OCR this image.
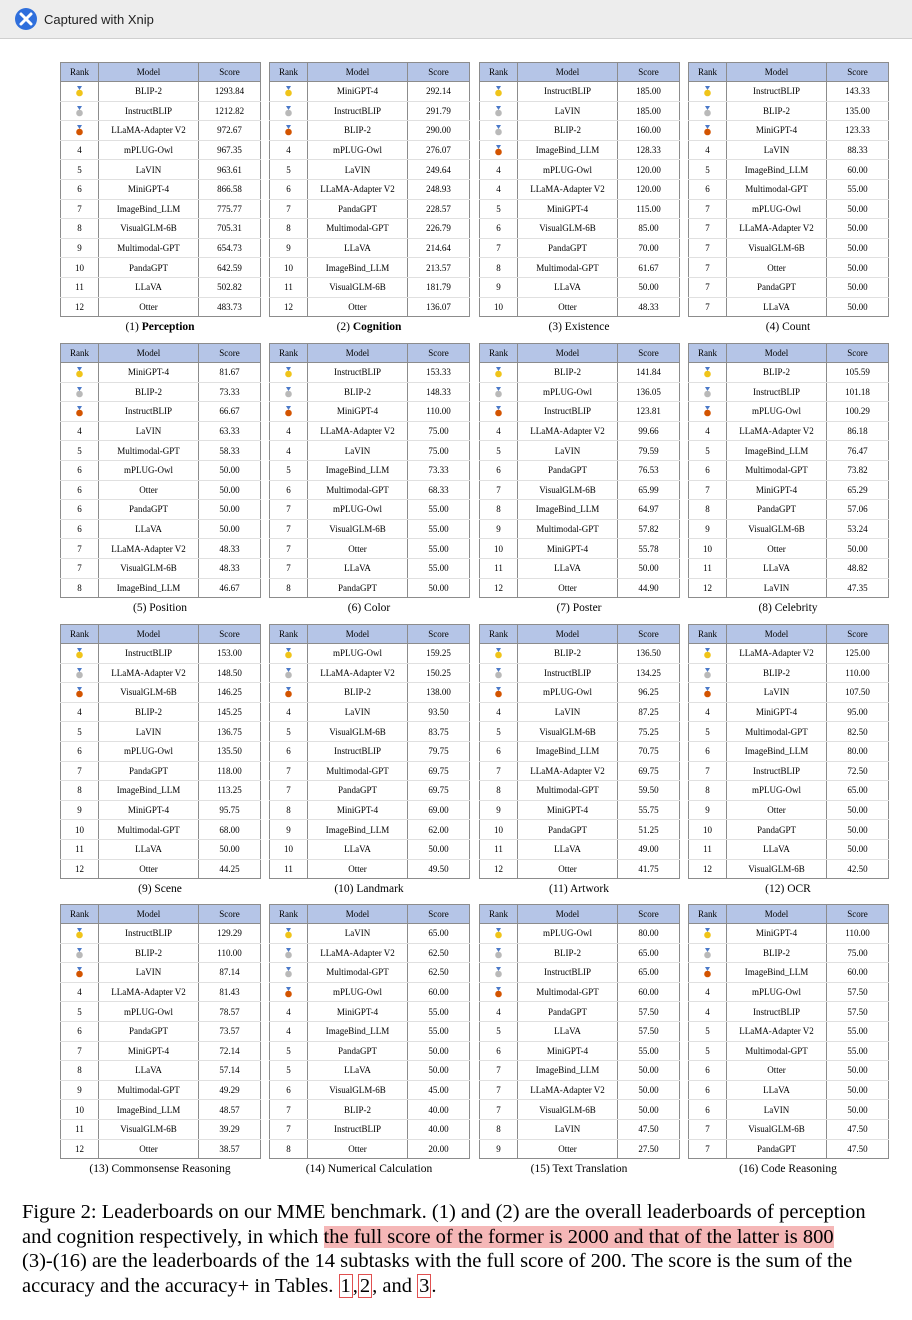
Captured with Xnip
Rank	Model	Score
	BLIP-2	1293.84
	InstructBLIP	1212.82
	LLaMA-Adapter V2	972.67
4	mPLUG-Owl	967.35
5	LaVIN	963.61
6	MiniGPT-4	866.58
7	ImageBind_LLM	775.77
8	VisualGLM-6B	705.31
9	Multimodal-GPT	654.73
10	PandaGPT	642.59
11	LLaVA	502.82
12	Otter	483.73
(1) Perception
Rank	Model	Score
	MiniGPT-4	292.14
	InstructBLIP	291.79
	BLIP-2	290.00
4	mPLUG-Owl	276.07
5	LaVIN	249.64
6	LLaMA-Adapter V2	248.93
7	PandaGPT	228.57
8	Multimodal-GPT	226.79
9	LLaVA	214.64
10	ImageBind_LLM	213.57
11	VisualGLM-6B	181.79
12	Otter	136.07
(2) Cognition
Rank	Model	Score
	InstructBLIP	185.00
	LaVIN	185.00
	BLIP-2	160.00
	ImageBind_LLM	128.33
4	mPLUG-Owl	120.00
4	LLaMA-Adapter V2	120.00
5	MiniGPT-4	115.00
6	VisualGLM-6B	85.00
7	PandaGPT	70.00
8	Multimodal-GPT	61.67
9	LLaVA	50.00
10	Otter	48.33
(3) Existence
Rank	Model	Score
	InstructBLIP	143.33
	BLIP-2	135.00
	MiniGPT-4	123.33
4	LaVIN	88.33
5	ImageBind_LLM	60.00
6	Multimodal-GPT	55.00
7	mPLUG-Owl	50.00
7	LLaMA-Adapter V2	50.00
7	VisualGLM-6B	50.00
7	Otter	50.00
7	PandaGPT	50.00
7	LLaVA	50.00
(4) Count
Rank	Model	Score
	MiniGPT-4	81.67
	BLIP-2	73.33
	InstructBLIP	66.67
4	LaVIN	63.33
5	Multimodal-GPT	58.33
6	mPLUG-Owl	50.00
6	Otter	50.00
6	PandaGPT	50.00
6	LLaVA	50.00
7	LLaMA-Adapter V2	48.33
7	VisualGLM-6B	48.33
8	ImageBind_LLM	46.67
(5) Position
Rank	Model	Score
	InstructBLIP	153.33
	BLIP-2	148.33
	MiniGPT-4	110.00
4	LLaMA-Adapter V2	75.00
4	LaVIN	75.00
5	ImageBind_LLM	73.33
6	Multimodal-GPT	68.33
7	mPLUG-Owl	55.00
7	VisualGLM-6B	55.00
7	Otter	55.00
7	LLaVA	55.00
8	PandaGPT	50.00
(6) Color
Rank	Model	Score
	BLIP-2	141.84
	mPLUG-Owl	136.05
	InstructBLIP	123.81
4	LLaMA-Adapter V2	99.66
5	LaVIN	79.59
6	PandaGPT	76.53
7	VisualGLM-6B	65.99
8	ImageBind_LLM	64.97
9	Multimodal-GPT	57.82
10	MiniGPT-4	55.78
11	LLaVA	50.00
12	Otter	44.90
(7) Poster
Rank	Model	Score
	BLIP-2	105.59
	InstructBLIP	101.18
	mPLUG-Owl	100.29
4	LLaMA-Adapter V2	86.18
5	ImageBind_LLM	76.47
6	Multimodal-GPT	73.82
7	MiniGPT-4	65.29
8	PandaGPT	57.06
9	VisualGLM-6B	53.24
10	Otter	50.00
11	LLaVA	48.82
12	LaVIN	47.35
(8) Celebrity
Rank	Model	Score
	InstructBLIP	153.00
	LLaMA-Adapter V2	148.50
	VisualGLM-6B	146.25
4	BLIP-2	145.25
5	LaVIN	136.75
6	mPLUG-Owl	135.50
7	PandaGPT	118.00
8	ImageBind_LLM	113.25
9	MiniGPT-4	95.75
10	Multimodal-GPT	68.00
11	LLaVA	50.00
12	Otter	44.25
(9) Scene
Rank	Model	Score
	mPLUG-Owl	159.25
	LLaMA-Adapter V2	150.25
	BLIP-2	138.00
4	LaVIN	93.50
5	VisualGLM-6B	83.75
6	InstructBLIP	79.75
7	Multimodal-GPT	69.75
7	PandaGPT	69.75
8	MiniGPT-4	69.00
9	ImageBind_LLM	62.00
10	LLaVA	50.00
11	Otter	49.50
(10) Landmark
Rank	Model	Score
	BLIP-2	136.50
	InstructBLIP	134.25
	mPLUG-Owl	96.25
4	LaVIN	87.25
5	VisualGLM-6B	75.25
6	ImageBind_LLM	70.75
7	LLaMA-Adapter V2	69.75
8	Multimodal-GPT	59.50
9	MiniGPT-4	55.75
10	PandaGPT	51.25
11	LLaVA	49.00
12	Otter	41.75
(11) Artwork
Rank	Model	Score
	LLaMA-Adapter V2	125.00
	BLIP-2	110.00
	LaVIN	107.50
4	MiniGPT-4	95.00
5	Multimodal-GPT	82.50
6	ImageBind_LLM	80.00
7	InstructBLIP	72.50
8	mPLUG-Owl	65.00
9	Otter	50.00
10	PandaGPT	50.00
11	LLaVA	50.00
12	VisualGLM-6B	42.50
(12) OCR
Rank	Model	Score
	InstructBLIP	129.29
	BLIP-2	110.00
	LaVIN	87.14
4	LLaMA-Adapter V2	81.43
5	mPLUG-Owl	78.57
6	PandaGPT	73.57
7	MiniGPT-4	72.14
8	LLaVA	57.14
9	Multimodal-GPT	49.29
10	ImageBind_LLM	48.57
11	VisualGLM-6B	39.29
12	Otter	38.57
(13) Commonsense Reasoning
Rank	Model	Score
	LaVIN	65.00
	LLaMA-Adapter V2	62.50
	Multimodal-GPT	62.50
	mPLUG-Owl	60.00
4	MiniGPT-4	55.00
4	ImageBind_LLM	55.00
5	PandaGPT	50.00
5	LLaVA	50.00
6	VisualGLM-6B	45.00
7	BLIP-2	40.00
7	InstructBLIP	40.00
8	Otter	20.00
(14) Numerical Calculation
Rank	Model	Score
	mPLUG-Owl	80.00
	BLIP-2	65.00
	InstructBLIP	65.00
	Multimodal-GPT	60.00
4	PandaGPT	57.50
5	LLaVA	57.50
6	MiniGPT-4	55.00
7	ImageBind_LLM	50.00
7	LLaMA-Adapter V2	50.00
7	VisualGLM-6B	50.00
8	LaVIN	47.50
9	Otter	27.50
(15) Text Translation
Rank	Model	Score
	MiniGPT-4	110.00
	BLIP-2	75.00
	ImageBind_LLM	60.00
4	mPLUG-Owl	57.50
4	InstructBLIP	57.50
5	LLaMA-Adapter V2	55.00
5	Multimodal-GPT	55.00
6	Otter	50.00
6	LLaVA	50.00
6	LaVIN	50.00
7	VisualGLM-6B	47.50
7	PandaGPT	47.50
(16) Code Reasoning
Figure 2: Leaderboards on our MME benchmark. (1) and (2) are the overall leaderboards of perception
and cognition respectively, in which the full score of the former is 2000 and that of the latter is 800
(3)-(16) are the leaderboards of the 14 subtasks with the full score of 200. The score is the sum of the
accuracy and the accuracy+ in Tables. 1,2, and 3.
